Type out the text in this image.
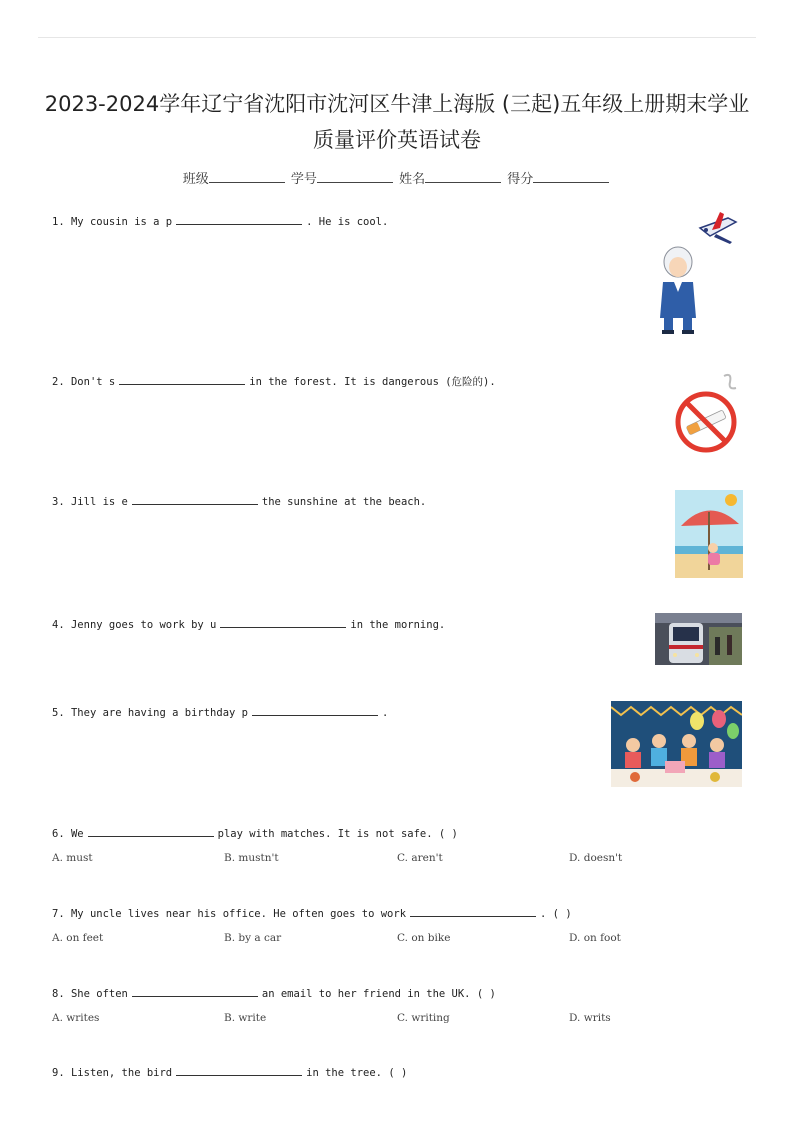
2023-2024学年辽宁省沈阳市沈河区牛津上海版 (三起)五年级上册期末学业
质量评价英语试卷
班级	学号	姓名	得分
1. My cousin is a p	. He is cool.
2. Don't s	in the forest. It is dangerous (危险的).
3. Jill is e	the sunshine at the beach.
4. Jenny goes to work by u	in the morning.
5. They are having a birthday p	.
6. We	play with matches. It is not safe. ( )
A. must	B. mustn't	C. aren't	D. doesn't
7. My uncle lives near his office. He often goes to work	. ( )
A. on feet	B. by a car	C. on bike	D. on foot
8. She often	an email to her friend in the UK. ( )
A. writes	B. write	C. writing	D. writs
9. Listen, the bird	in the tree. ( )
